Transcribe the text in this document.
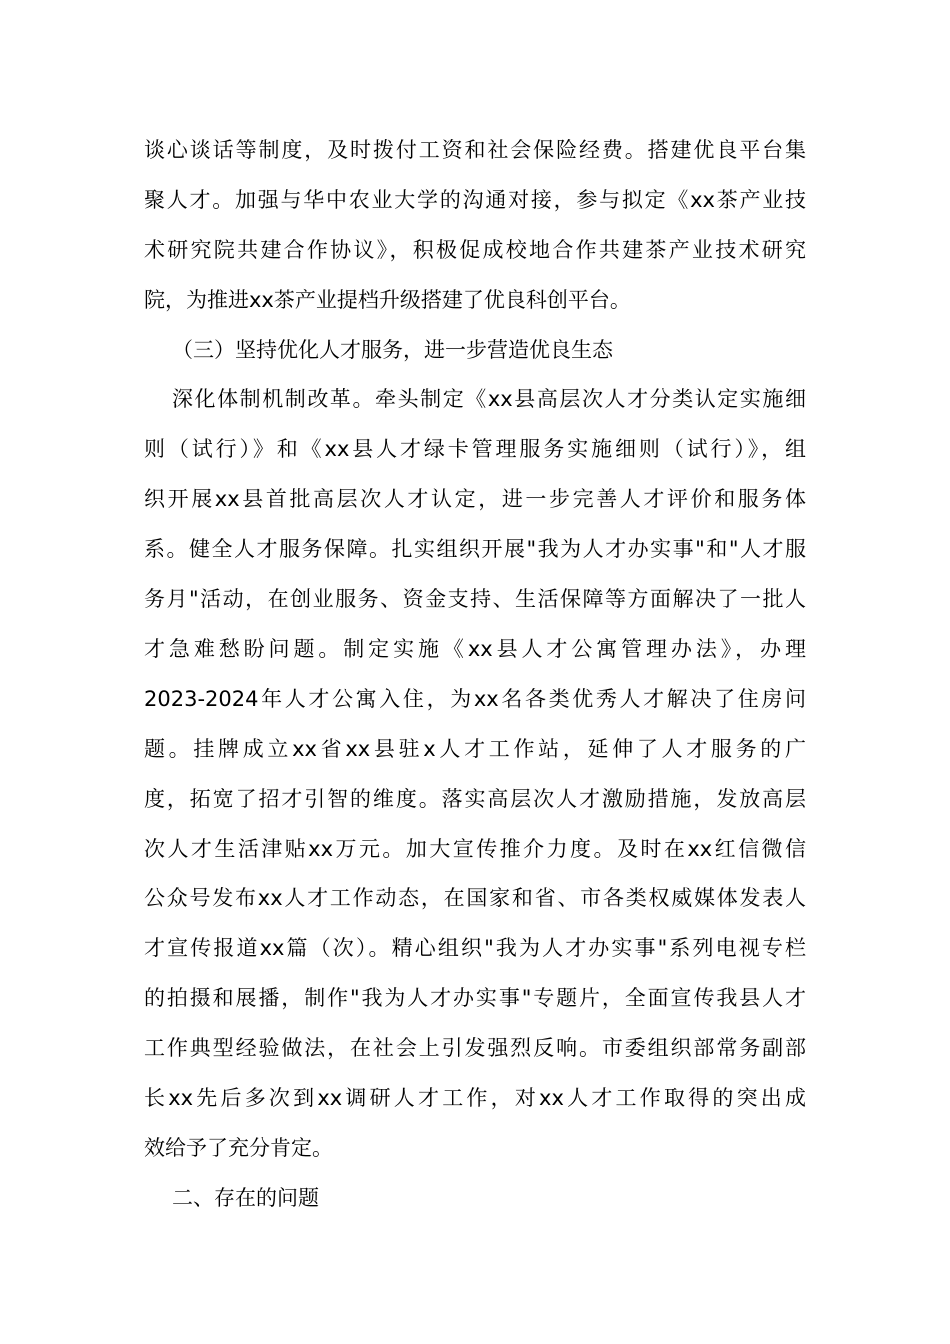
谈心谈话等制度，及时拨付工资和社会保险经费。搭建优良平台集
聚人才。加强与华中农业大学的沟通对接，参与拟定《xx茶产业技
术研究院共建合作协议》，积极促成校地合作共建茶产业技术研究
院，为推进xx茶产业提档升级搭建了优良科创平台。
（三）坚持优化人才服务，进一步营造优良生态
深化体制机制改革。牵头制定《xx县高层次人才分类认定实施细
则（试行）》和《xx县人才绿卡管理服务实施细则（试行）》，组
织开展xx县首批高层次人才认定，进一步完善人才评价和服务体
系。健全人才服务保障。扎实组织开展"我为人才办实事"和"人才服
务月"活动，在创业服务、资金支持、生活保障等方面解决了一批人
才急难愁盼问题。制定实施《xx县人才公寓管理办法》，办理
2023-2024年人才公寓入住，为xx名各类优秀人才解决了住房问
题。挂牌成立xx省xx县驻x人才工作站，延伸了人才服务的广
度，拓宽了招才引智的维度。落实高层次人才激励措施，发放高层
次人才生活津贴xx万元。加大宣传推介力度。及时在xx红信微信
公众号发布xx人才工作动态，在国家和省、市各类权威媒体发表人
才宣传报道xx篇（次）。精心组织"我为人才办实事"系列电视专栏
的拍摄和展播，制作"我为人才办实事"专题片，全面宣传我县人才
工作典型经验做法，在社会上引发强烈反响。市委组织部常务副部
长xx先后多次到xx调研人才工作，对xx人才工作取得的突出成
效给予了充分肯定。
二、存在的问题
